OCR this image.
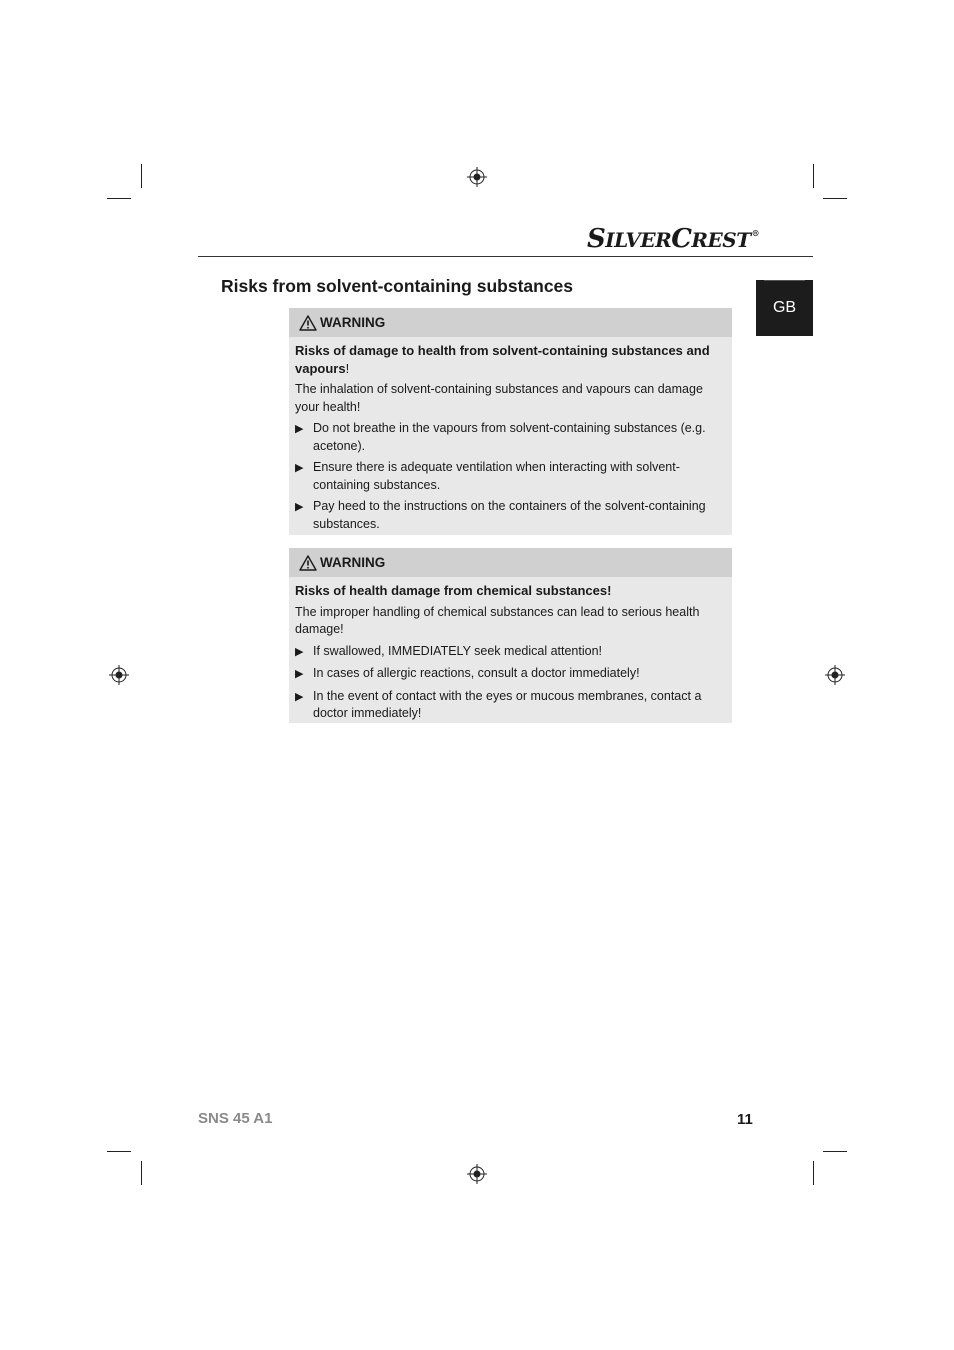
SILVERCREST®
GB
Risks from solvent-containing substances
WARNING
Risks of damage to health from solvent-containing substances and vapours!
The inhalation of solvent-containing substances and vapours can damage your health!
▶ Do not breathe in the vapours from solvent-containing substances (e.g. acetone).
▶ Ensure there is adequate ventilation when interacting with solvent-containing substances.
▶ Pay heed to the instructions on the containers of the solvent-containing substances.
WARNING
Risks of health damage from chemical substances!
The improper handling of chemical substances can lead to serious health damage!
▶ If swallowed, IMMEDIATELY seek medical attention!
▶ In cases of allergic reactions, consult a doctor immediately!
▶ In the event of contact with the eyes or mucous membranes, contact a doctor immediately!
SNS 45 A1	11
